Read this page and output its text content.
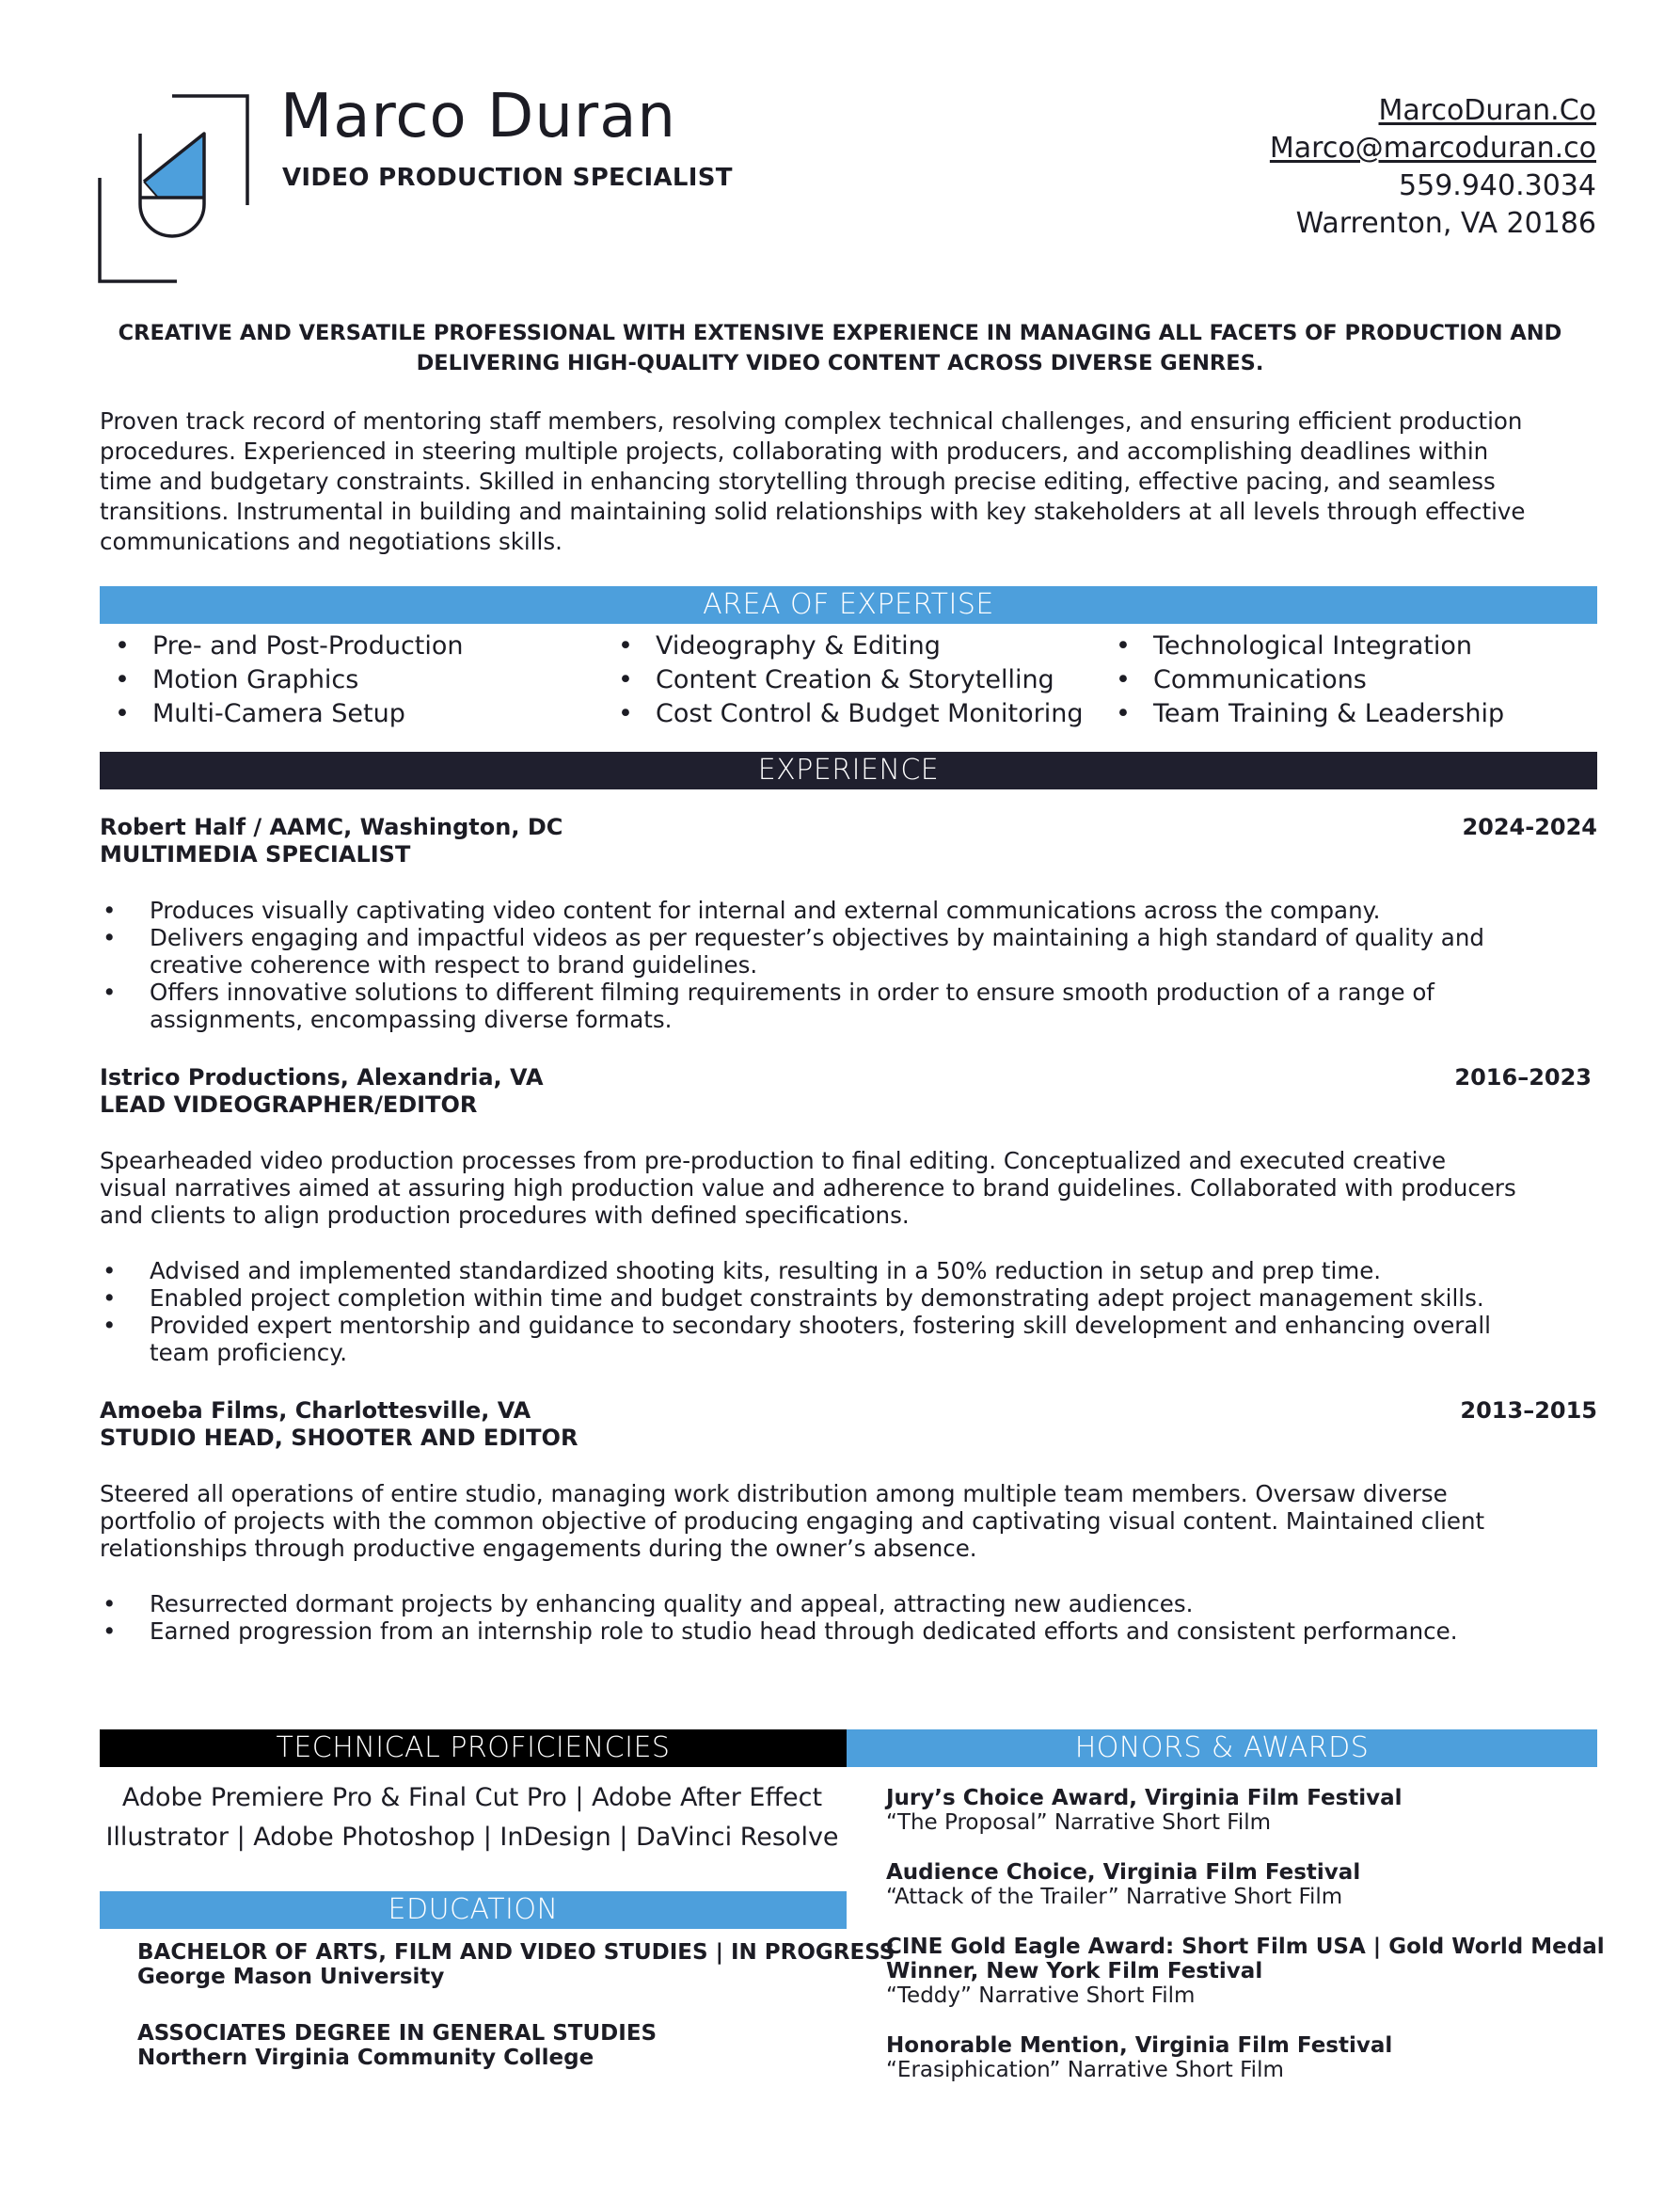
Marco Duran
VIDEO PRODUCTION SPECIALIST
MarcoDuran.Co
Marco@marcoduran.co
559.940.3034
Warrenton, VA 20186
CREATIVE AND VERSATILE PROFESSIONAL WITH EXTENSIVE EXPERIENCE IN MANAGING ALL FACETS OF PRODUCTION AND DELIVERING HIGH-QUALITY VIDEO CONTENT ACROSS DIVERSE GENRES.
Proven track record of mentoring staff members, resolving complex technical challenges, and ensuring efficient production
procedures. Experienced in steering multiple projects, collaborating with producers, and accomplishing deadlines within
time and budgetary constraints. Skilled in enhancing storytelling through precise editing, effective pacing, and seamless
transitions. Instrumental in building and maintaining solid relationships with key stakeholders at all levels through effective
communications and negotiations skills.
AREA OF EXPERTISE
• Pre- and Post-Production
• Motion Graphics
• Multi-Camera Setup
• Videography & Editing
• Content Creation & Storytelling
• Cost Control & Budget Monitoring
• Technological Integration
• Communications
• Team Training & Leadership
EXPERIENCE
Robert Half / AAMC, Washington, DC	2024-2024
MULTIMEDIA SPECIALIST
• Produces visually captivating video content for internal and external communications across the company.
• Delivers engaging and impactful videos as per requester’s objectives by maintaining a high standard of quality and
creative coherence with respect to brand guidelines.
• Offers innovative solutions to different filming requirements in order to ensure smooth production of a range of
assignments, encompassing diverse formats.
Istrico Productions, Alexandria, VA	2016–2023
LEAD VIDEOGRAPHER/EDITOR
Spearheaded video production processes from pre-production to final editing. Conceptualized and executed creative
visual narratives aimed at assuring high production value and adherence to brand guidelines. Collaborated with producers
and clients to align production procedures with defined specifications.
• Advised and implemented standardized shooting kits, resulting in a 50% reduction in setup and prep time.
• Enabled project completion within time and budget constraints by demonstrating adept project management skills.
• Provided expert mentorship and guidance to secondary shooters, fostering skill development and enhancing overall
team proficiency.
Amoeba Films, Charlottesville, VA	2013–2015
STUDIO HEAD, SHOOTER AND EDITOR
Steered all operations of entire studio, managing work distribution among multiple team members. Oversaw diverse
portfolio of projects with the common objective of producing engaging and captivating visual content. Maintained client
relationships through productive engagements during the owner’s absence.
• Resurrected dormant projects by enhancing quality and appeal, attracting new audiences.
• Earned progression from an internship role to studio head through dedicated efforts and consistent performance.
TECHNICAL PROFICIENCIES
Adobe Premiere Pro & Final Cut Pro | Adobe After Effect
Illustrator | Adobe Photoshop | InDesign | DaVinci Resolve
HONORS & AWARDS
Jury’s Choice Award, Virginia Film Festival
“The Proposal” Narrative Short Film
Audience Choice, Virginia Film Festival
“Attack of the Trailer” Narrative Short Film
CINE Gold Eagle Award: Short Film USA | Gold World Medal
Winner, New York Film Festival
“Teddy” Narrative Short Film
Honorable Mention, Virginia Film Festival
“Erasiphication” Narrative Short Film
EDUCATION
BACHELOR OF ARTS, FILM AND VIDEO STUDIES | IN PROGRESS
George Mason University
ASSOCIATES DEGREE IN GENERAL STUDIES
Northern Virginia Community College
